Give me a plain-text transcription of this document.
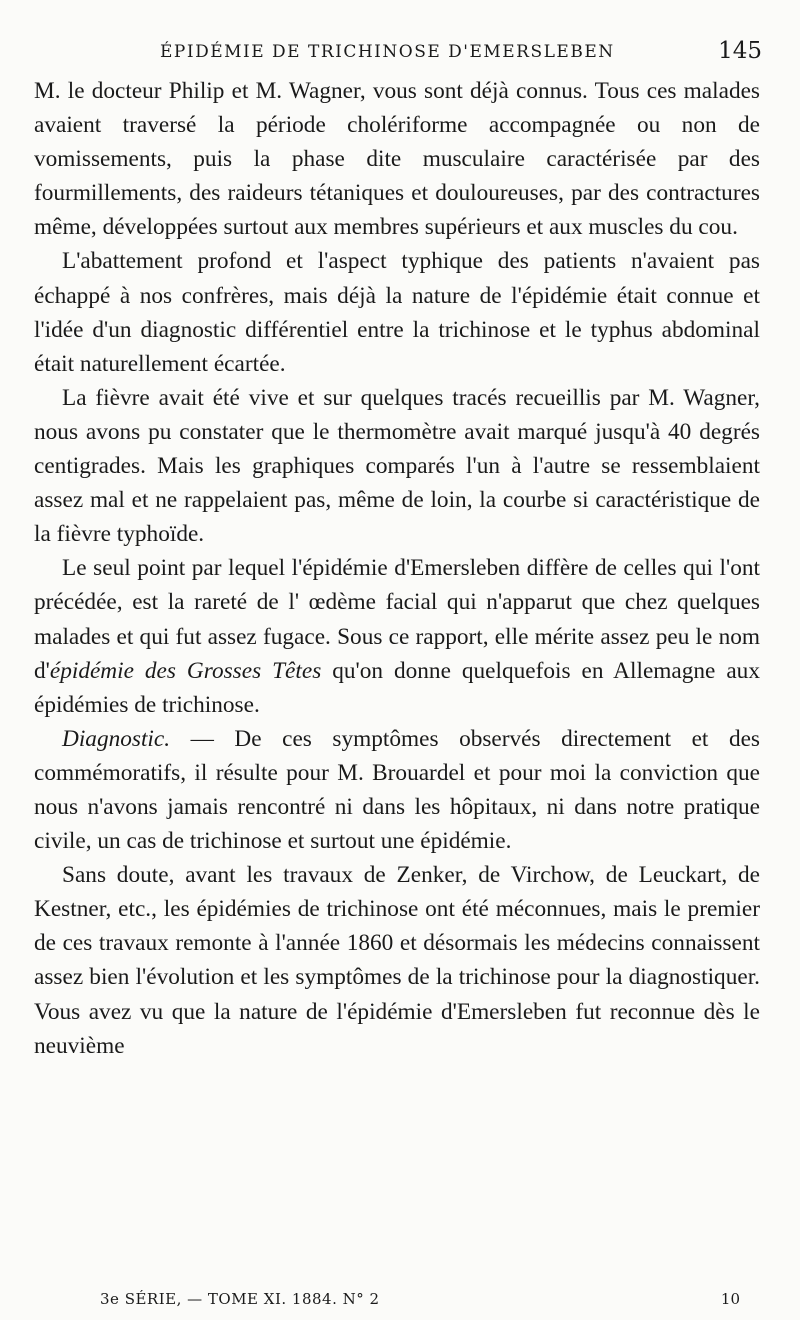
ÉPIDÉMIE DE TRICHINOSE D'EMERSLEBEN	145

M. le docteur Philip et M. Wagner, vous sont déjà connus. Tous ces malades avaient traversé la période cholériforme accompagnée ou non de vomissements, puis la phase dite musculaire caractérisée par des fourmillements, des raideurs tétaniques et douloureuses, par des contractures même, développées surtout aux membres supérieurs et aux muscles du cou.

L'abattement profond et l'aspect typhique des patients n'avaient pas échappé à nos confrères, mais déjà la nature de l'épidémie était connue et l'idée d'un diagnostic différentiel entre la trichinose et le typhus abdominal était naturellement écartée.

La fièvre avait été vive et sur quelques tracés recueillis par M. Wagner, nous avons pu constater que le thermomètre avait marqué jusqu'à 40 degrés centigrades. Mais les graphiques comparés l'un à l'autre se ressemblaient assez mal et ne rappelaient pas, même de loin, la courbe si caractéristique de la fièvre typhoïde.

Le seul point par lequel l'épidémie d'Emersleben diffère de celles qui l'ont précédée, est la rareté de l' œdème facial qui n'apparut que chez quelques malades et qui fut assez fugace. Sous ce rapport, elle mérite assez peu le nom d'épidémie des Grosses Têtes qu'on donne quelquefois en Allemagne aux épidémies de trichinose.

Diagnostic. — De ces symptômes observés directement et des commémoratifs, il résulte pour M. Brouardel et pour moi la conviction que nous n'avons jamais rencontré ni dans les hôpitaux, ni dans notre pratique civile, un cas de trichinose et surtout une épidémie.

Sans doute, avant les travaux de Zenker, de Virchow, de Leuckart, de Kestner, etc., les épidémies de trichinose ont été méconnues, mais le premier de ces travaux remonte à l'année 1860 et désormais les médecins connaissent assez bien l'évolution et les symptômes de la trichinose pour la diagnostiquer. Vous avez vu que la nature de l'épidémie d'Emersleben fut reconnue dès le neuvième

3e SÉRIE, — TOME XI. 1884. N° 2	10
